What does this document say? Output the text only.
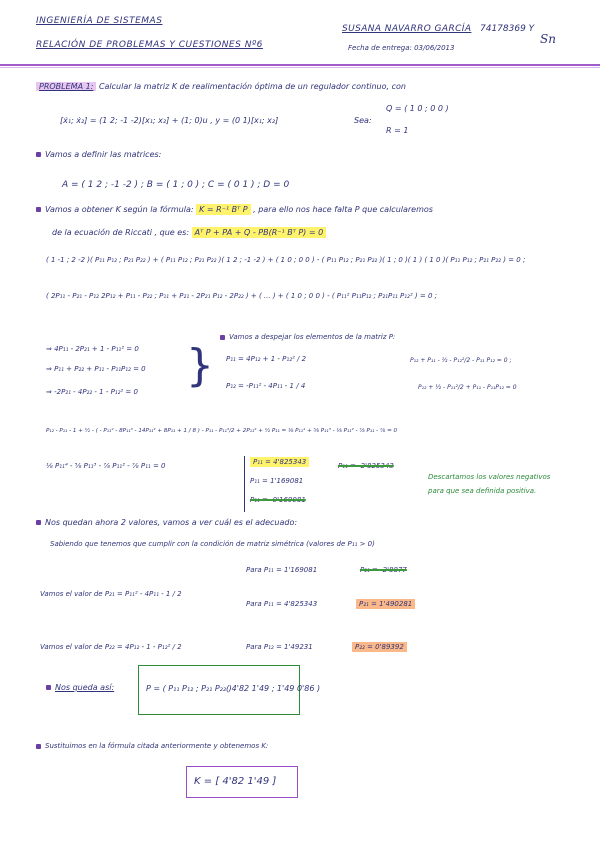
INGENIERÍA DE SISTEMAS
RELACIÓN DE PROBLEMAS Y CUESTIONES Nº6
SUSANA NAVARRO GARCÍA 74178369 Y
Fecha de entrega: 03/06/2013
Sn
PROBLEMA 1: Calcular la matriz K de realimentación óptima de un regulador continuo, con
[ẋ₁; ẋ₂] = (1 2; -1 -2)[x₁; x₂] + (1; 0)u , y = (0 1)[x₁; x₂]	Sea:
Q = ( 1 0 ; 0 0 )
R = 1
Vamos a definir las matrices:
A = ( 1 2 ; -1 -2 ) ; B = ( 1 ; 0 ) ; C = ( 0 1 ) ; D = 0
Vamos a obtener K según la fórmula: K = R⁻¹ Bᵀ P , para ello nos hace falta P que calcularemos
de la ecuación de Riccati , que es: Aᵀ P + PA + Q - PB(R⁻¹ Bᵀ P) = 0
( 1 -1 ; 2 -2 )( P₁₁ P₁₂ ; P₂₁ P₂₂ ) + ( P₁₁ P₁₂ ; P₂₁ P₂₂ )( 1 2 ; -1 -2 ) + ( 1 0 ; 0 0 ) - ( P₁₁ P₁₂ ; P₂₁ P₂₂ )( 1 ; 0 )( 1 ) ( 1 0 )( P₁₁ P₁₂ ; P₂₁ P₂₂ ) = 0 ;
( 2P₁₁ - P₂₁ - P₁₂ 2P₁₂ + P₁₁ - P₂₂ ; P₁₁ + P₂₁ - 2P₂₁ P₁₂ - 2P₂₂ ) + ( ... ) + ( 1 0 ; 0 0 ) - ( P₁₁² P₁₁P₁₂ ; P₂₁P₁₁ P₁₂² ) = 0 ;
⇒ 4P₁₁ - 2P₂₁ + 1 - P₁₁² = 0
⇒ P₁₁ + P₂₂ + P₁₁ - P₁₁P₁₂ = 0
⇒ -2P₂₁ - 4P₂₂ - 1 - P₁₂² = 0
}
Vamos a despejar los elementos de la matriz P:
P₁₁ = 4P₁₂ + 1 - P₁₂² / 2
P₁₂ = -P₁₁² - 4P₁₁ - 1 / 4
P₁₂ + P₁₁ - ½ - P₁₂²/2 - P₁₁ P₁₂ = 0 ;
P₁₂ + ½ - P₁₁²/2 + P₁₁ - P₁₁P₁₂ = 0
P₁₂ - P₁₁ - 1 + ½ - ( - P₁₁⁴ - 8P₁₁³ - 14P₁₁² + 8P₁₁ + 1 / 8 ) - P₁₁ - P₁₁³/2 + 2P₁₁² + ½ P₁₁ = ⅛ P₁₁⁴ + ⅝ P₁₁³ - ⅛ P₁₁² - ⅞ P₁₁ - ⅞ = 0
⅛ P₁₁⁴ - ⅝ P₁₁³ - ⅞ P₁₁² - ⅞ P₁₁ = 0	P₁₁ = 4'825343
P₁₁ = 1'169081
P₁₁ = -0'169081
P₁₁ = -2'825343
Descartamos los valores negativos para que sea definida positiva.
Nos quedan ahora 2 valores, vamos a ver cuál es el adecuado:
Sabiendo que tenemos que cumplir con la condición de matriz simétrica (valores de P₁₁ > 0)
Vamos el valor de P₂₁ = P₁₁² - 4P₁₁ - 1 / 2
Para P₁₁ = 1'169081	P₂₁ = -2'8877
Para P₁₁ = 4'825343	P₂₁ = 1'490281
Vamos el valor de P₂₂ = 4P₁₂ - 1 - P₁₂² / 2	Para P₁₂ = 1'49231	P₂₂ = 0'89392
Nos queda así:	P = ( P₁₁ P₁₂ ; P₂₁ P₂₂ )
( 4'82 1'49 ; 1'49 0'86 )
Sustituimos en la fórmula citada anteriormente y obtenemos K:
K = [ 4'82 1'49 ]
